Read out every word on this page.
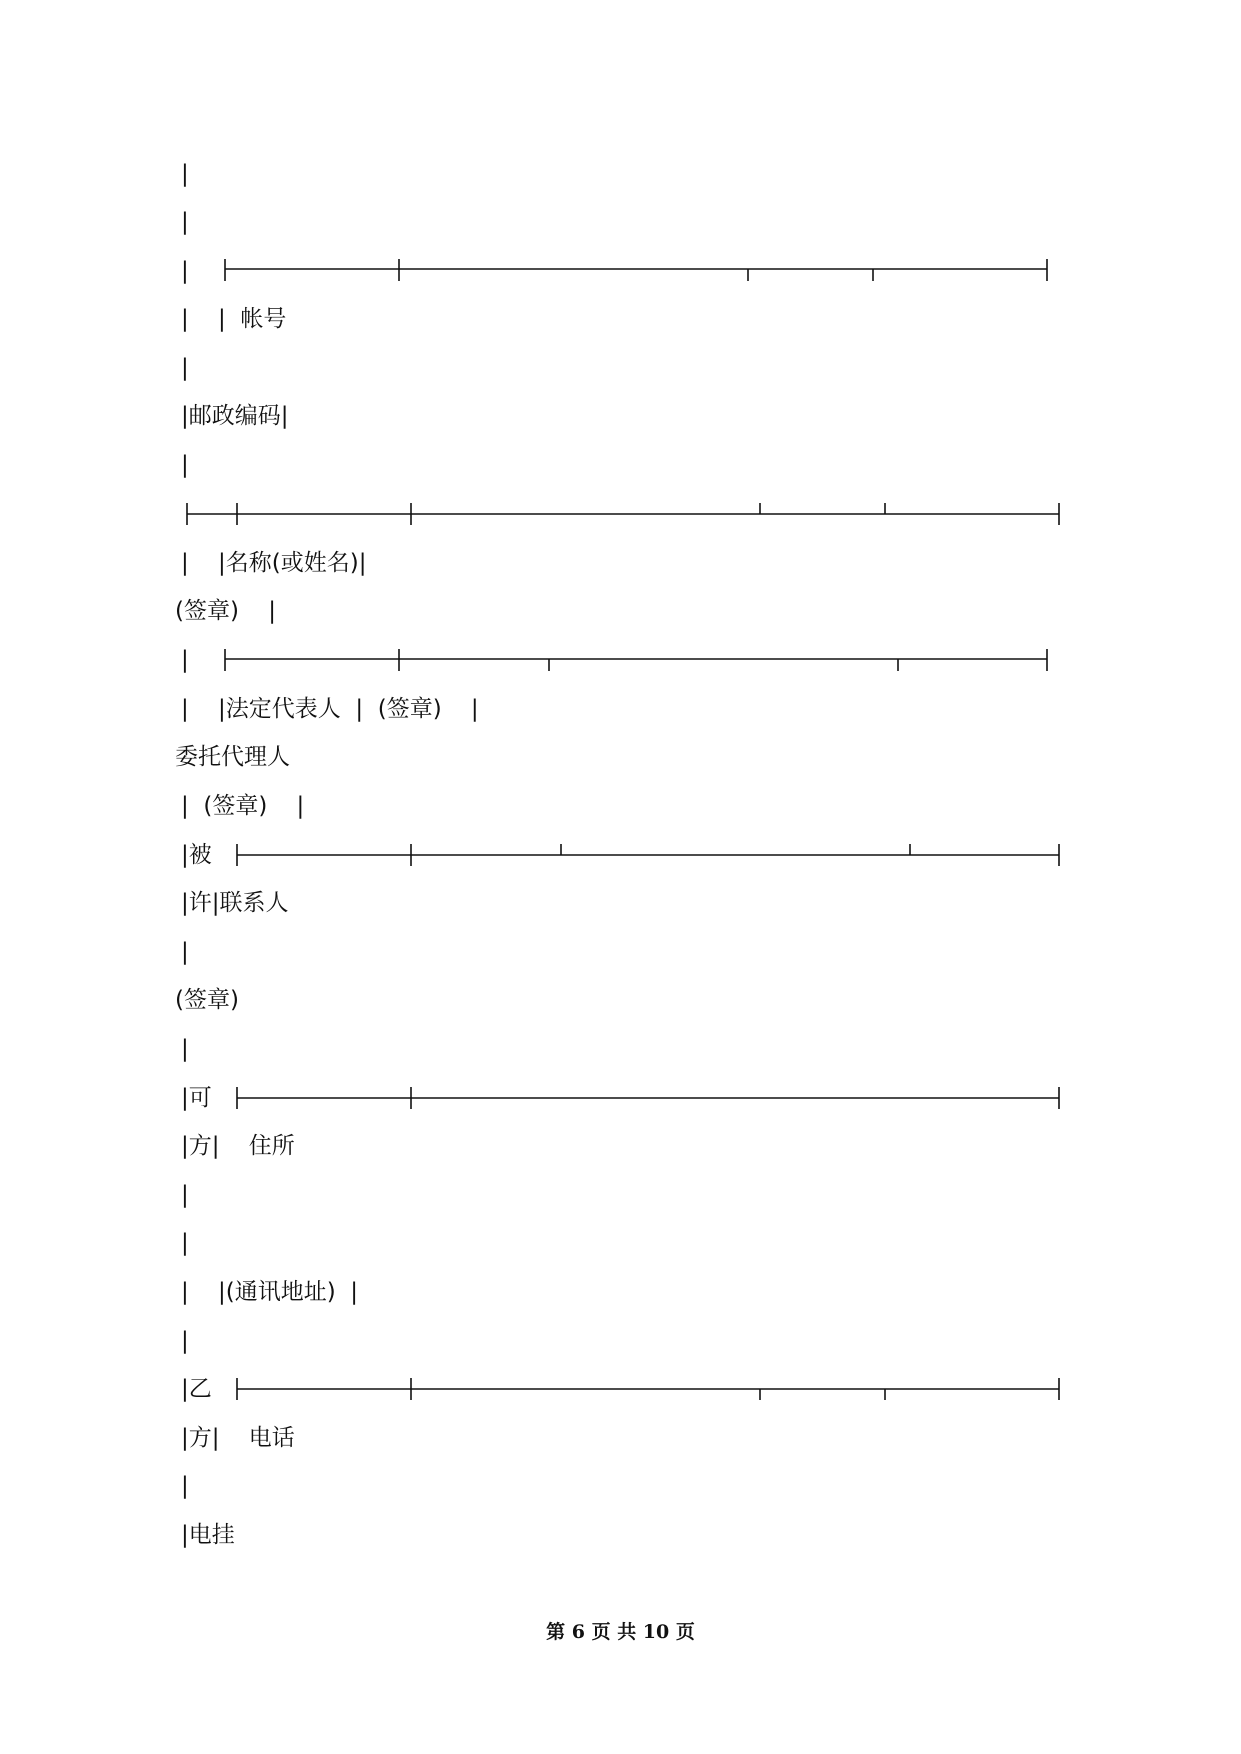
|
|
|
|    |  帐号
|
|邮政编码|
|
|    |名称(或姓名)|
(签章)    |
|
|    |法定代表人  |  (签章)    |
委托代理人
|  (签章)    |
|被
|许|联系人
|
(签章)
|
|可
|方|    住所
|
|
|    |(通讯地址)  |
|
|乙
|方|    电话
|
|电挂
第 6 页 共 10 页
